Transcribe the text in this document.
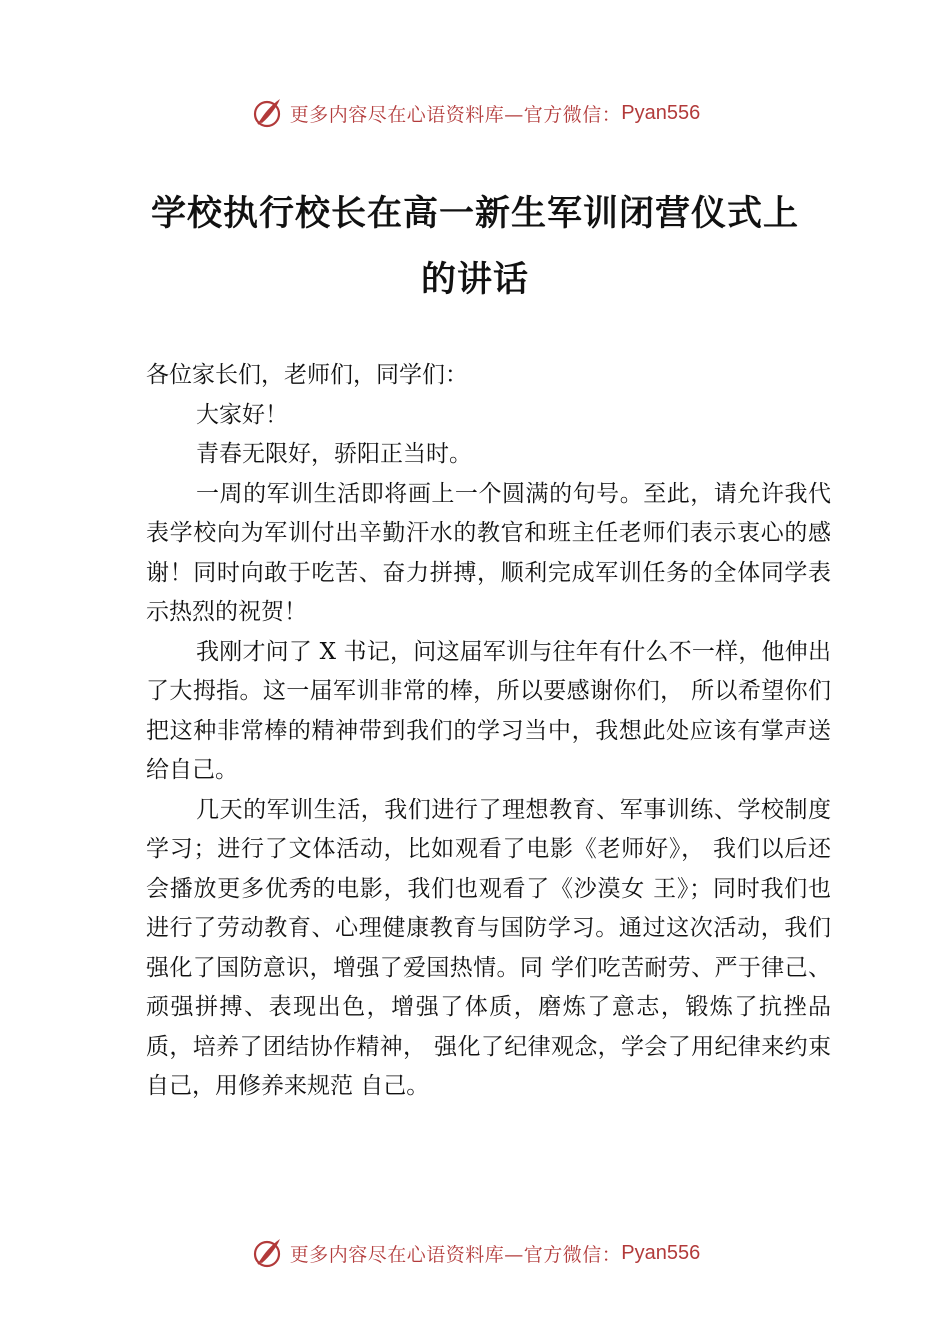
更多内容尽在心语资料库—官方微信： Pyan556
学校执行校长在高一新生军训闭营仪式上
的讲话

各位家长们，老师们，同学们：

大家好！

青春无限好，骄阳正当时。

一周的军训生活即将画上一个圆满的句号。至此，请允许我代表学校向为军训付出辛勤汗水的教官和班主任老师们表示衷心的感谢！同时向敢于吃苦、奋力拼搏，顺利完成军训任务的全体同学表示热烈的祝贺！

我刚才问了 X 书记，问这届军训与往年有什么不一样，他伸出了大拇指。这一届军训非常的棒，所以要感谢你们， 所以希望你们把这种非常棒的精神带到我们的学习当中，我想此处应该有掌声送给自己。

几天的军训生活，我们进行了理想教育、军事训练、学校制度学习；进行了文体活动，比如观看了电影《老师好》， 我们以后还会播放更多优秀的电影，我们也观看了《沙漠女 王》；同时我们也进行了劳动教育、心理健康教育与国防学习。通过这次活动，我们强化了国防意识，增强了爱国热情。同 学们吃苦耐劳、严于律己、顽强拼搏、表现出色，增强了体质，磨炼了意志，锻炼了抗挫品质，培养了团结协作精神， 强化了纪律观念，学会了用纪律来约束自己，用修养来规范 自己。

更多内容尽在心语资料库—官方微信： Pyan556
